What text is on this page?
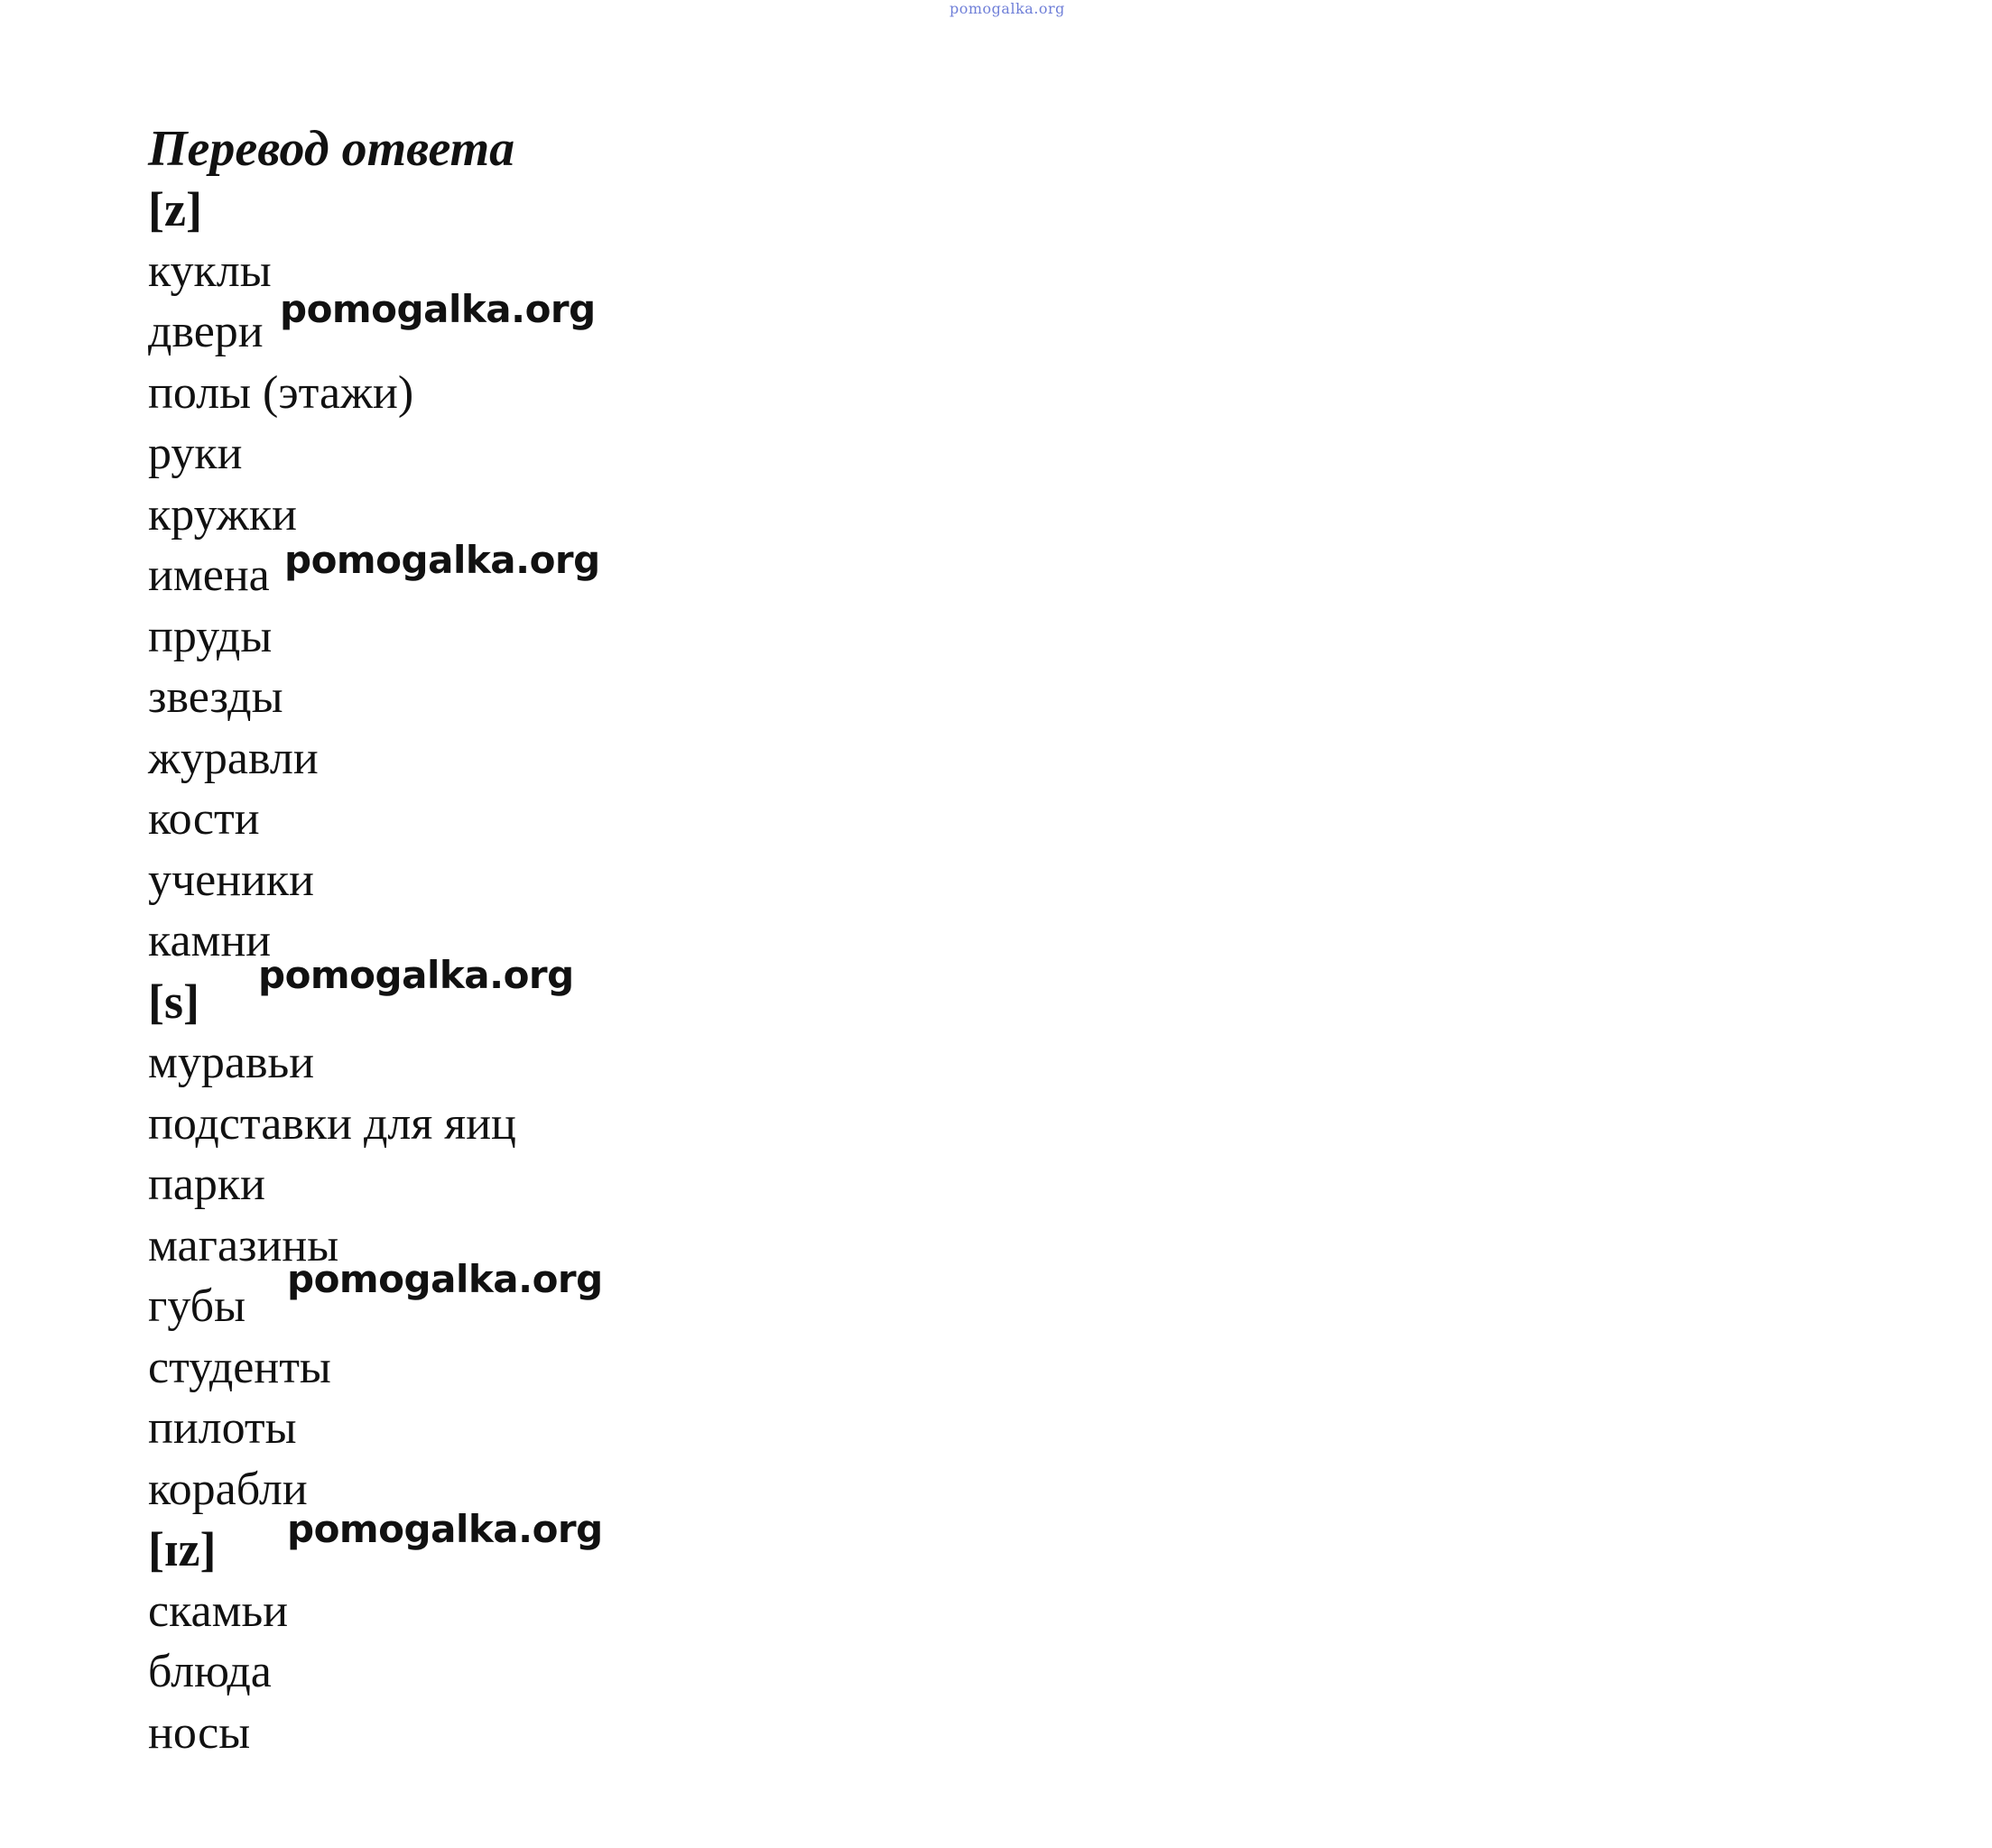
pomogalka.org
Перевод ответа
[z]
куклы
двери
полы (этажи)
руки
кружки
имена
пруды
звезды
журавли
кости
ученики
камни
[s]
муравьи
подставки для яиц
парки
магазины
губы
студенты
пилоты
корабли
[ɪz]
скамьи
блюда
носы
pomogalka.org
pomogalka.org
pomogalka.org
pomogalka.org
pomogalka.org
